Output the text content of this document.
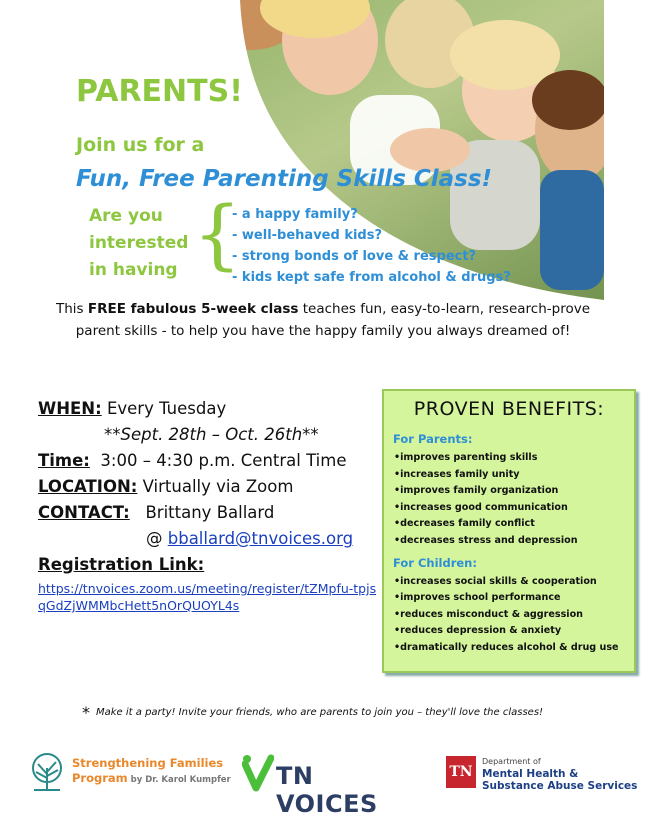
PARENTS!
Join us for a
Fun, Free Parenting Skills Class!
Are you
interested
in having {
- a happy family?
- well-behaved kids?
- strong bonds of love & respect?
- kids kept safe from alcohol & drugs?
This FREE fabulous 5-week class teaches fun, easy-to-learn, research-prove
parent skills - to help you have the happy family you always dreamed of!
WHEN: Every Tuesday
**Sept. 28th – Oct. 26th**
Time:  3:00 – 4:30 p.m. Central Time
LOCATION: Virtually via Zoom
CONTACT:   Brittany Ballard
@ bballard@tnvoices.org
Registration Link:
https://tnvoices.zoom.us/meeting/register/tZMpfu-tpjsqGdZjWMMbcHett5nOrQUOYL4s
PROVEN BENEFITS:
For Parents:
• improves parenting skills
• increases family unity
• improves family organization
• increases good communication
• decreases family conflict
• decreases stress and depression
For Children:
• increases social skills & cooperation
• improves school performance
• reduces misconduct & aggression
• reduces depression & anxiety
• dramatically reduces alcohol & drug use
* Make it a party! Invite your friends, who are parents to join you – they'll love the classes!
Strengthening Families
Program by Dr. Karol Kumpfer TN VOICES
TN
Department of
Mental Health &
Substance Abuse Services
